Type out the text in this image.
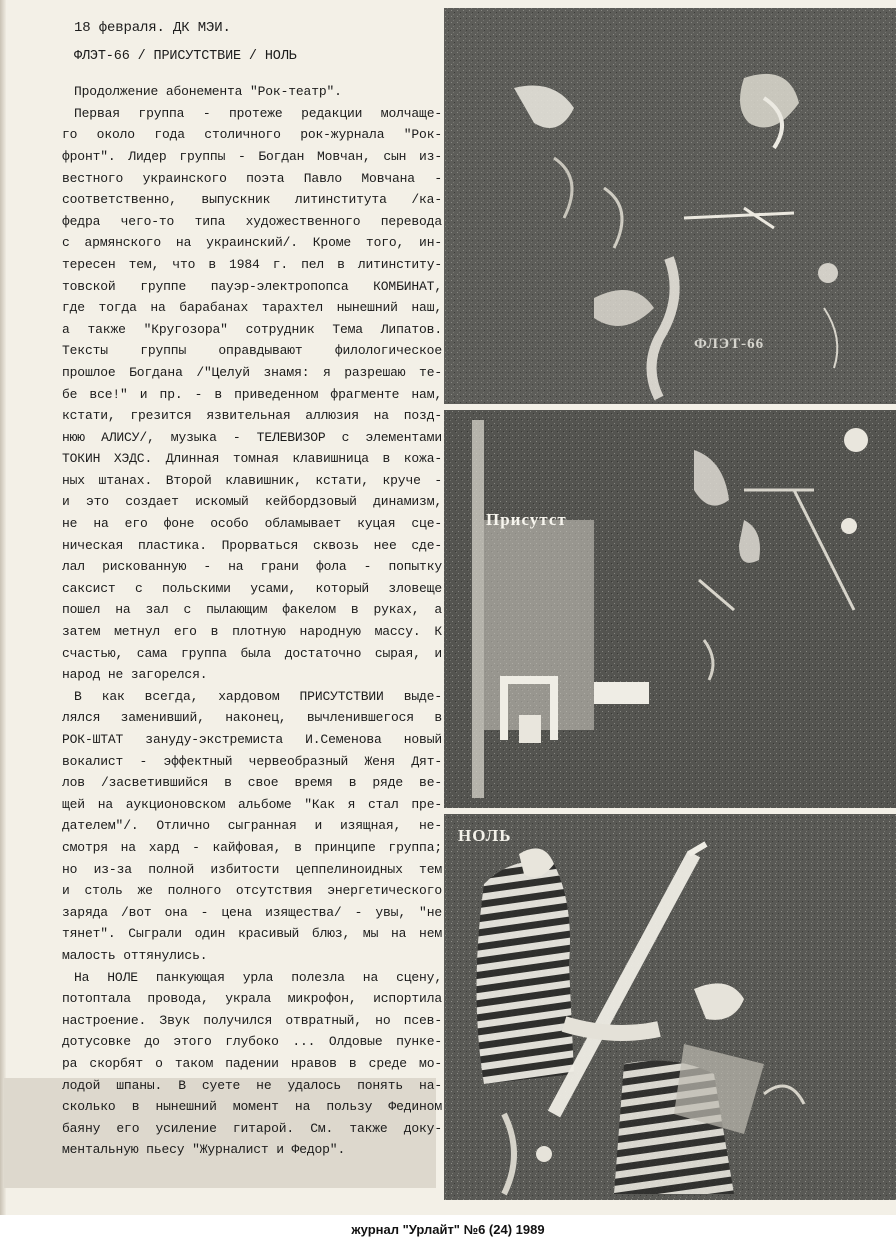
18 февраля. ДК МЭИ.
ФЛЭТ-66 / ПРИСУТСТВИЕ / НОЛЬ
Продолжение абонемента "Рок-театр".
Первая группа - протеже редакции молчаще-
го около года столичного рок-журнала "Рок-
фронт". Лидер группы - Богдан Мовчан, сын из-
вестного украинского поэта Павло Мовчана -
соответственно, выпускник литинститута /ка-
федра чего-то типа художественного перевода
с армянского на украинский/. Кроме того, ин-
тересен тем, что в 1984 г. пел в литинститу-
товской группе пауэр-электропопса КОМБИНАТ,
где тогда на барабанах тарахтел нынешний наш,
а также "Кругозора" сотрудник Тема Липатов.
Тексты группы оправдывают филологическое
прошлое Богдана /"Целуй знамя: я разрешаю те-
бе все!" и пр. - в приведенном фрагменте нам,
кстати, грезится язвительная аллюзия на позд-
нюю АЛИСУ/, музыка - ТЕЛЕВИЗОР с элементами
ТОКИН ХЭДС. Длинная томная клавишница в кожа-
ных штанах. Второй клавишник, кстати, круче -
и это создает искомый кейбордзовый динамизм,
не на его фоне особо обламывает куцая сце-
ническая пластика. Прорваться сквозь нее сде-
лал рискованную - на грани фола - попытку
саксист с польскими усами, который зловеще
пошел на зал с пылающим факелом в руках, а
затем метнул его в плотную народную массу. К
счастью, сама группа была достаточно сырая, и
народ не загорелся.
В как всегда, хардовом ПРИСУТСТВИИ выде-
лялся заменивший, наконец, вычленившегося в
РОК-ШТАТ зануду-экстремиста И.Семенова новый
вокалист - эффектный червеобразный Женя Дят-
лов /засветившийся в свое время в ряде ве-
щей на аукционовском альбоме "Как я стал пре-
дателем"/. Отлично сыгранная и изящная, не-
смотря на хард - кайфовая, в принципе группа;
но из-за полной избитости цеппелиноидных тем
и столь же полного отсутствия энергетического
заряда /вот она - цена изящества/ - увы, "не
тянет". Сыграли один красивый блюз, мы на нем
малость оттянулись.
На НОЛЕ панкующая урла полезла на сцену,
потоптала провода, украла микрофон, испортила
настроение. Звук получился отвратный, но псев-
дотусовке до этого глубоко ... Олдовые пунке-
ра скорбят о таком падении нравов в среде мо-
лодой шпаны. В суете не удалось понять на-
сколько в нынешний момент на пользу Федином
баяну его усиление гитарой. См. также доку-
ментальную пьесу "Журналист и Федор".
ФЛЭТ-66
Присутст
НОЛЬ
журнал "Урлайт" №6 (24) 1989
